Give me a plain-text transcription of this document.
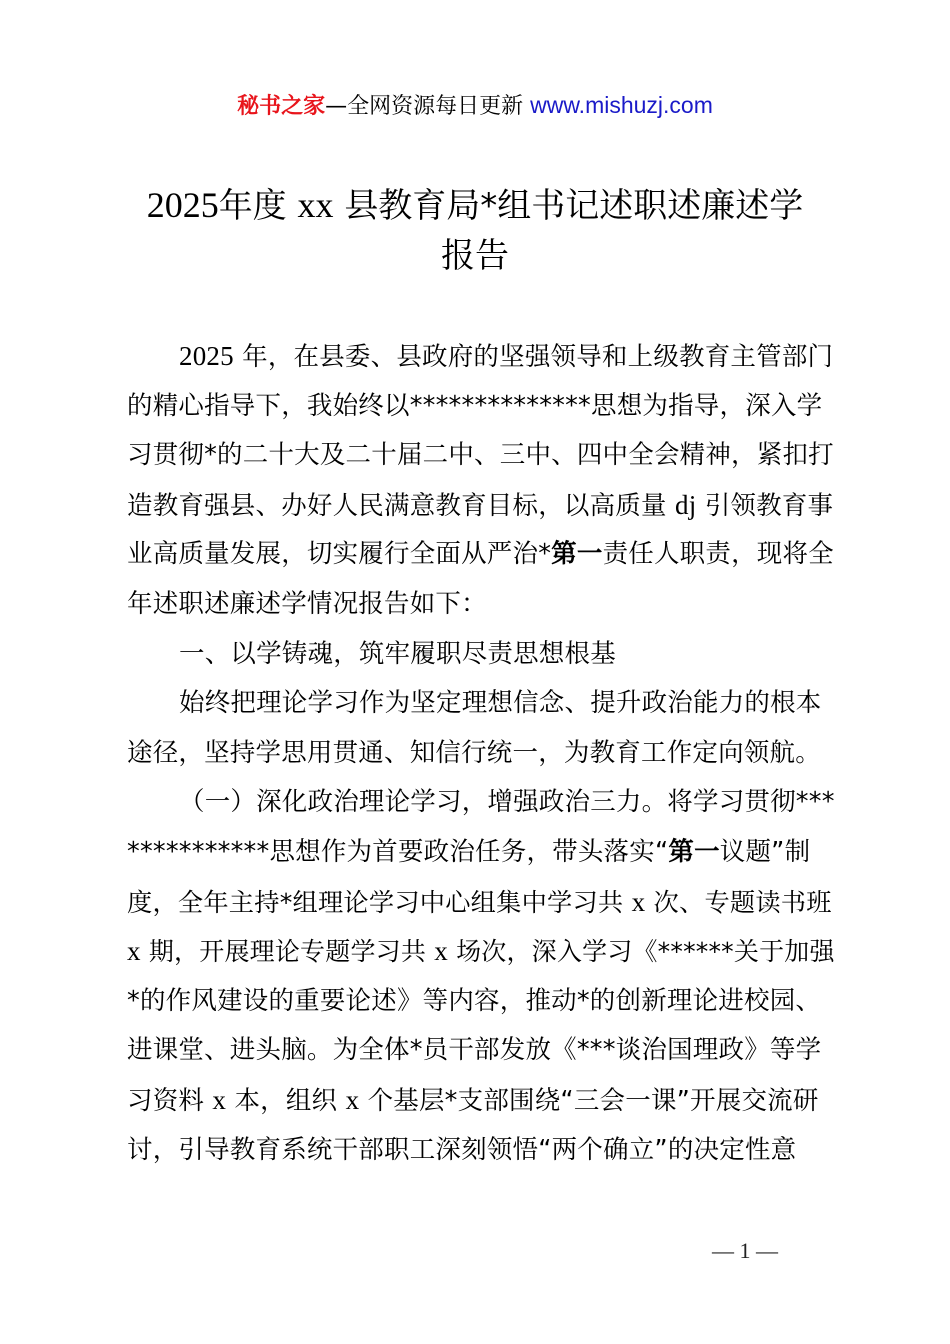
秘书之家—全网资源每日更新 www.mishuzj.com
2025年度 xx 县教育局*组书记述职述廉述学
报告
2025 年，在县委、县政府的坚强领导和上级教育主管部门
的精心指导下，我始终以**************思想为指导，深入学
习贯彻*的二十大及二十届二中、三中、四中全会精神，紧扣打
造教育强县、办好人民满意教育目标，以高质量 dj 引领教育事
业高质量发展，切实履行全面从严治*第一责任人职责，现将全
年述职述廉述学情况报告如下：
一、以学铸魂，筑牢履职尽责思想根基
始终把理论学习作为坚定理想信念、提升政治能力的根本
途径，坚持学思用贯通、知信行统一，为教育工作定向领航。
（一）深化政治理论学习，增强政治三力。将学习贯彻***
***********思想作为首要政治任务，带头落实“第一议题”制
度，全年主持*组理论学习中心组集中学习共 x 次、专题读书班
x 期，开展理论专题学习共 x 场次，深入学习《******关于加强
*的作风建设的重要论述》等内容，推动*的创新理论进校园、
进课堂、进头脑。为全体*员干部发放《***谈治国理政》等学
习资料 x 本，组织 x 个基层*支部围绕“三会一课”开展交流研
讨，引导教育系统干部职工深刻领悟“两个确立”的决定性意
— 1 —
